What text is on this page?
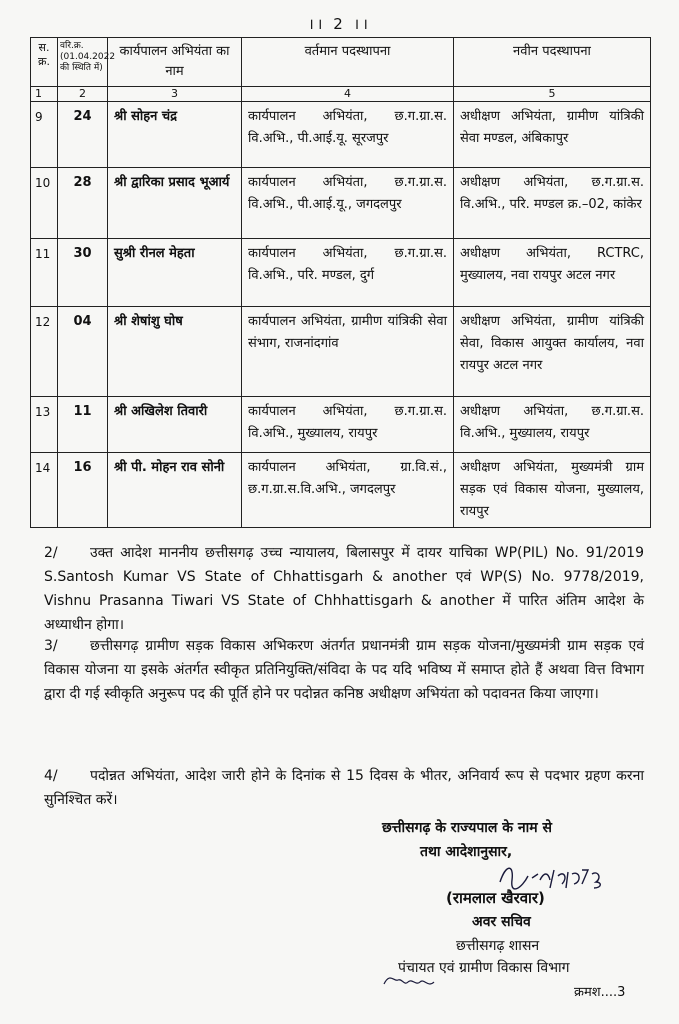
।। 2 ।।
स. क्र.	वरि.क्र. (01.04.2022 की स्थिति में)	कार्यपालन अभियंता का नाम	वर्तमान पदस्थापना	नवीन पदस्थापना
1	2	3	4	5
9	24	श्री सोहन चंद्र	कार्यपालन अभियंता, छ.ग.ग्रा.स. वि.अभि., पी.आई.यू. सूरजपुर	अधीक्षण अभियंता, ग्रामीण यांत्रिकी सेवा मण्डल, अंबिकापुर
10	28	श्री द्वारिका प्रसाद भूआर्य	कार्यपालन अभियंता, छ.ग.ग्रा.स. वि.अभि., पी.आई.यू., जगदलपुर	अधीक्षण अभियंता, छ.ग.ग्रा.स. वि.अभि., परि. मण्डल क्र.–02, कांकेर
11	30	सुश्री रीनल मेहता	कार्यपालन अभियंता, छ.ग.ग्रा.स. वि.अभि., परि. मण्डल, दुर्ग	अधीक्षण अभियंता, RCTRC, मुख्यालय, नवा रायपुर अटल नगर
12	04	श्री शेषांशु घोष	कार्यपालन अभियंता, ग्रामीण यांत्रिकी सेवा संभाग, राजनांदगांव	अधीक्षण अभियंता, ग्रामीण यांत्रिकी सेवा, विकास आयुक्त कार्यालय, नवा रायपुर अटल नगर
13	11	श्री अखिलेश तिवारी	कार्यपालन अभियंता, छ.ग.ग्रा.स. वि.अभि., मुख्यालय, रायपुर	अधीक्षण अभियंता, छ.ग.ग्रा.स. वि.अभि., मुख्यालय, रायपुर
14	16	श्री पी. मोहन राव सोनी	कार्यपालन अभियंता, ग्रा.वि.सं., छ.ग.ग्रा.स.वि.अभि., जगदलपुर	अधीक्षण अभियंता, मुख्यमंत्री ग्राम सड़क एवं विकास योजना, मुख्यालय, रायपुर
2/ उक्त आदेश माननीय छत्तीसगढ़ उच्च न्यायालय, बिलासपुर में दायर याचिका WP(PIL) No. 91/2019 S.Santosh Kumar VS State of Chhattisgarh & another एवं WP(S) No. 9778/2019, Vishnu Prasanna Tiwari VS State of Chhhattisgarh & another में पारित अंतिम आदेश के अध्याधीन होगा।
3/ छत्तीसगढ़ ग्रामीण सड़क विकास अभिकरण अंतर्गत प्रधानमंत्री ग्राम सड़क योजना/मुख्यमंत्री ग्राम सड़क एवं विकास योजना या इसके अंतर्गत स्वीकृत प्रतिनियुक्ति/संविदा के पद यदि भविष्य में समाप्त होते हैं अथवा वित्त विभाग द्वारा दी गई स्वीकृति अनुरूप पद की पूर्ति होने पर पदोन्नत कनिष्ठ अधीक्षण अभियंता को पदावनत किया जाएगा।
4/ पदोन्नत अभियंता, आदेश जारी होने के दिनांक से 15 दिवस के भीतर, अनिवार्य रूप से पदभार ग्रहण करना सुनिश्चित करें।
छत्तीसगढ़ के राज्यपाल के नाम से
तथा आदेशानुसार,
(रामलाल खैरवार)
अवर सचिव
छत्तीसगढ़ शासन
पंचायत एवं ग्रामीण विकास विभाग
क्रमश....3
